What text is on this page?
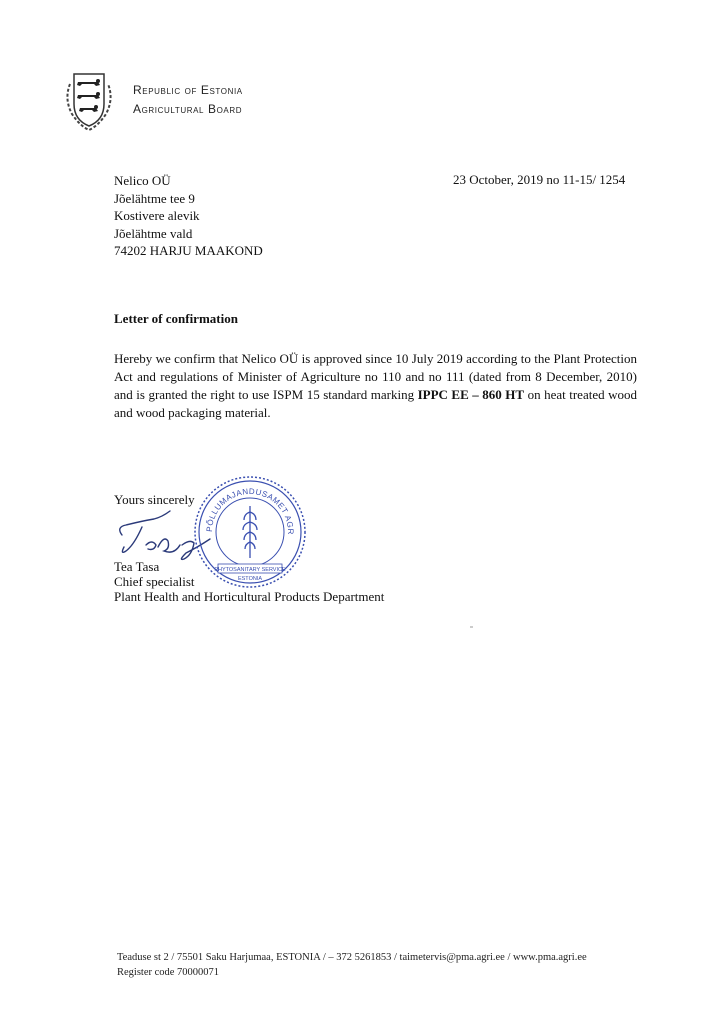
Republic of Estonia
Agricultural Board
Nelico OÜ
Jõelähtme tee 9
Kostivere alevik
Jõelähtme vald
74202 HARJU MAAKOND
23 October, 2019 no 11-15/ 1254
Letter of confirmation

Hereby we confirm that Nelico OÜ is approved since 10 July 2019 according to the Plant Protection Act and regulations of Minister of Agriculture no 110 and no 111 (dated from 8 December, 2010) and is granted the right to use ISPM 15 standard marking IPPC EE – 860 HT on heat treated wood and wood packaging material.

Yours sincerely
Tea Tasa
Chief specialist
Plant Health and Horticultural Products Department
PÕLLUMAJANDUSAMET AGR
PHYTOSANITARY SERVICE
ESTONIA
Teaduse st 2 / 75501 Saku Harjumaa, ESTONIA / – 372 5261853 / taimetervis@pma.agri.ee / www.pma.agri.ee
Register code 70000071
